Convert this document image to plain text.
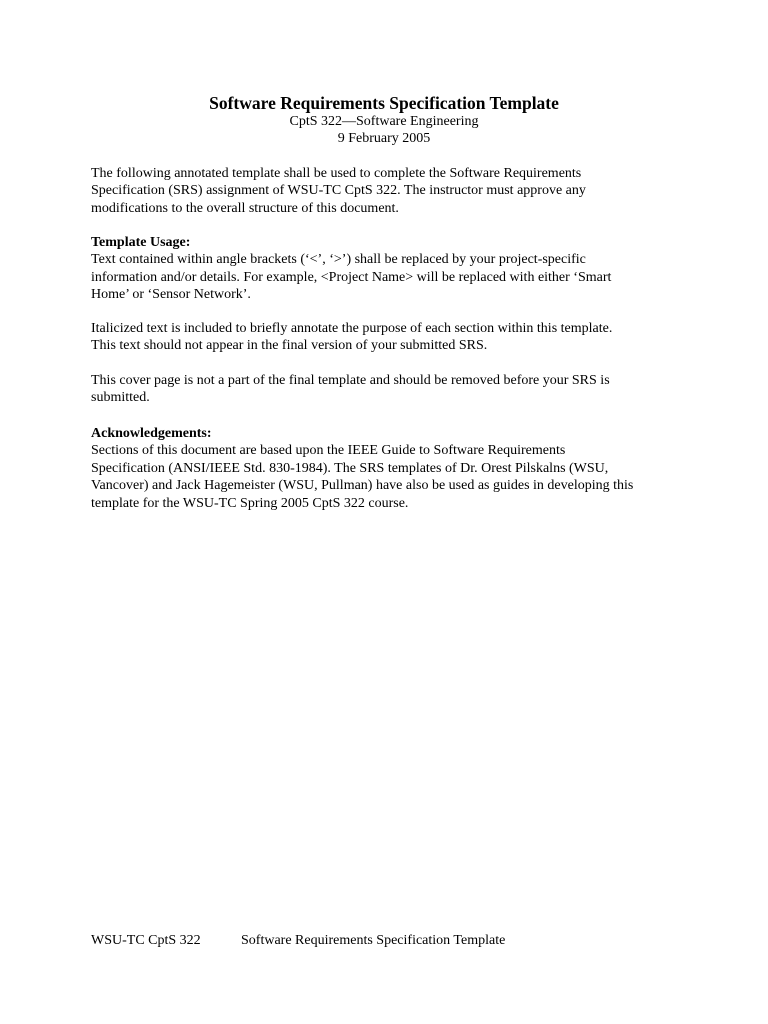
Software Requirements Specification Template
CptS 322—Software Engineering
9 February 2005
The following annotated template shall be used to complete the Software Requirements
Specification (SRS) assignment of WSU-TC CptS 322. The instructor must approve any
modifications to the overall structure of this document.
Template Usage:
Text contained within angle brackets (‘<’, ‘>’) shall be replaced by your project-specific
information and/or details. For example, <Project Name> will be replaced with either ‘Smart
Home’ or ‘Sensor Network’.
Italicized text is included to briefly annotate the purpose of each section within this template.
This text should not appear in the final version of your submitted SRS.
This cover page is not a part of the final template and should be removed before your SRS is
submitted.
Acknowledgements:
Sections of this document are based upon the IEEE Guide to Software Requirements
Specification (ANSI/IEEE Std. 830-1984). The SRS templates of Dr. Orest Pilskalns (WSU,
Vancover) and Jack Hagemeister (WSU, Pullman) have also be used as guides in developing this
template for the WSU-TC Spring 2005 CptS 322 course.
WSU-TC CptS 322	Software Requirements Specification Template
